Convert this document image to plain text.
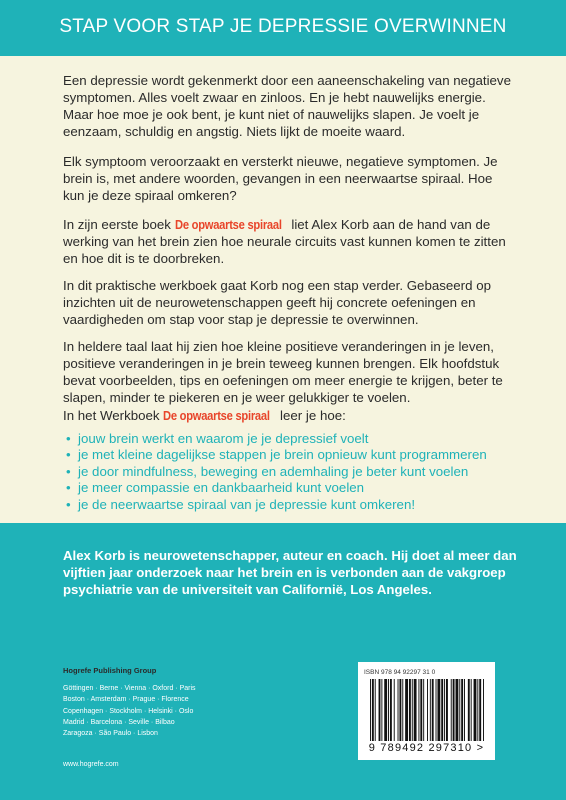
STAP VOOR STAP JE DEPRESSIE OVERWINNEN

Een depressie wordt gekenmerkt door een aaneenschakeling van negatieve symptomen. Alles voelt zwaar en zinloos. En je hebt nauwelijks energie. Maar hoe moe je ook bent, je kunt niet of nauwelijks slapen. Je voelt je eenzaam, schuldig en angstig. Niets lijkt de moeite waard.

Elk symptoom veroorzaakt en versterkt nieuwe, negatieve symptomen. Je brein is, met andere woorden, gevangen in een neerwaartse spiraal. Hoe kun je deze spiraal omkeren?

In zijn eerste boek De opwaartse spiraal liet Alex Korb aan de hand van de werking van het brein zien hoe neurale circuits vast kunnen komen te zitten en hoe dit is te doorbreken.

In dit praktische werkboek gaat Korb nog een stap verder. Gebaseerd op inzichten uit de neurowetenschappen geeft hij concrete oefeningen en vaardigheden om stap voor stap je depressie te overwinnen.

In heldere taal laat hij zien hoe kleine positieve veranderingen in je leven, positieve veranderingen in je brein teweeg kunnen brengen. Elk hoofdstuk bevat voorbeelden, tips en oefeningen om meer energie te krijgen, beter te slapen, minder te piekeren en je weer gelukkiger te voelen.

In het Werkboek De opwaartse spiraal leer je hoe:

• jouw brein werkt en waarom je je depressief voelt
• je met kleine dagelijkse stappen je brein opnieuw kunt programmeren
• je door mindfulness, beweging en ademhaling je beter kunt voelen
• je meer compassie en dankbaarheid kunt voelen
• je de neerwaartse spiraal van je depressie kunt omkeren!

Alex Korb is neurowetenschapper, auteur en coach. Hij doet al meer dan vijftien jaar onderzoek naar het brein en is verbonden aan de vakgroep psychiatrie van de universiteit van Californië, Los Angeles.

Hogrefe Publishing Group
Göttingen · Berne · Vienna · Oxford · Paris
Boston · Amsterdam · Prague · Florence
Copenhagen · Stockholm · Helsinki · Oslo
Madrid · Barcelona · Seville · Bilbao
Zaragoza · São Paulo · Lisbon
www.hogrefe.com
ISBN 978 94 92297 31 0
9 789492 297310 >
